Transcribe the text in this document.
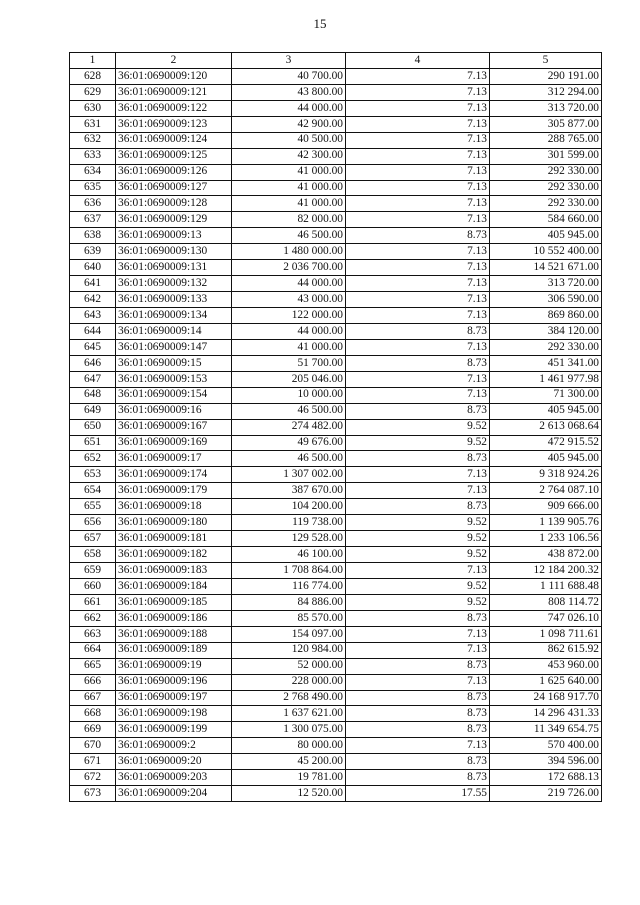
15
1	2	3	4	5
628	36:01:0690009:120	40 700.00	7.13	290 191.00
629	36:01:0690009:121	43 800.00	7.13	312 294.00
630	36:01:0690009:122	44 000.00	7.13	313 720.00
631	36:01:0690009:123	42 900.00	7.13	305 877.00
632	36:01:0690009:124	40 500.00	7.13	288 765.00
633	36:01:0690009:125	42 300.00	7.13	301 599.00
634	36:01:0690009:126	41 000.00	7.13	292 330.00
635	36:01:0690009:127	41 000.00	7.13	292 330.00
636	36:01:0690009:128	41 000.00	7.13	292 330.00
637	36:01:0690009:129	82 000.00	7.13	584 660.00
638	36:01:0690009:13	46 500.00	8.73	405 945.00
639	36:01:0690009:130	1 480 000.00	7.13	10 552 400.00
640	36:01:0690009:131	2 036 700.00	7.13	14 521 671.00
641	36:01:0690009:132	44 000.00	7.13	313 720.00
642	36:01:0690009:133	43 000.00	7.13	306 590.00
643	36:01:0690009:134	122 000.00	7.13	869 860.00
644	36:01:0690009:14	44 000.00	8.73	384 120.00
645	36:01:0690009:147	41 000.00	7.13	292 330.00
646	36:01:0690009:15	51 700.00	8.73	451 341.00
647	36:01:0690009:153	205 046.00	7.13	1 461 977.98
648	36:01:0690009:154	10 000.00	7.13	71 300.00
649	36:01:0690009:16	46 500.00	8.73	405 945.00
650	36:01:0690009:167	274 482.00	9.52	2 613 068.64
651	36:01:0690009:169	49 676.00	9.52	472 915.52
652	36:01:0690009:17	46 500.00	8.73	405 945.00
653	36:01:0690009:174	1 307 002.00	7.13	9 318 924.26
654	36:01:0690009:179	387 670.00	7.13	2 764 087.10
655	36:01:0690009:18	104 200.00	8.73	909 666.00
656	36:01:0690009:180	119 738.00	9.52	1 139 905.76
657	36:01:0690009:181	129 528.00	9.52	1 233 106.56
658	36:01:0690009:182	46 100.00	9.52	438 872.00
659	36:01:0690009:183	1 708 864.00	7.13	12 184 200.32
660	36:01:0690009:184	116 774.00	9.52	1 111 688.48
661	36:01:0690009:185	84 886.00	9.52	808 114.72
662	36:01:0690009:186	85 570.00	8.73	747 026.10
663	36:01:0690009:188	154 097.00	7.13	1 098 711.61
664	36:01:0690009:189	120 984.00	7.13	862 615.92
665	36:01:0690009:19	52 000.00	8.73	453 960.00
666	36:01:0690009:196	228 000.00	7.13	1 625 640.00
667	36:01:0690009:197	2 768 490.00	8.73	24 168 917.70
668	36:01:0690009:198	1 637 621.00	8.73	14 296 431.33
669	36:01:0690009:199	1 300 075.00	8.73	11 349 654.75
670	36:01:0690009:2	80 000.00	7.13	570 400.00
671	36:01:0690009:20	45 200.00	8.73	394 596.00
672	36:01:0690009:203	19 781.00	8.73	172 688.13
673	36:01:0690009:204	12 520.00	17.55	219 726.00
